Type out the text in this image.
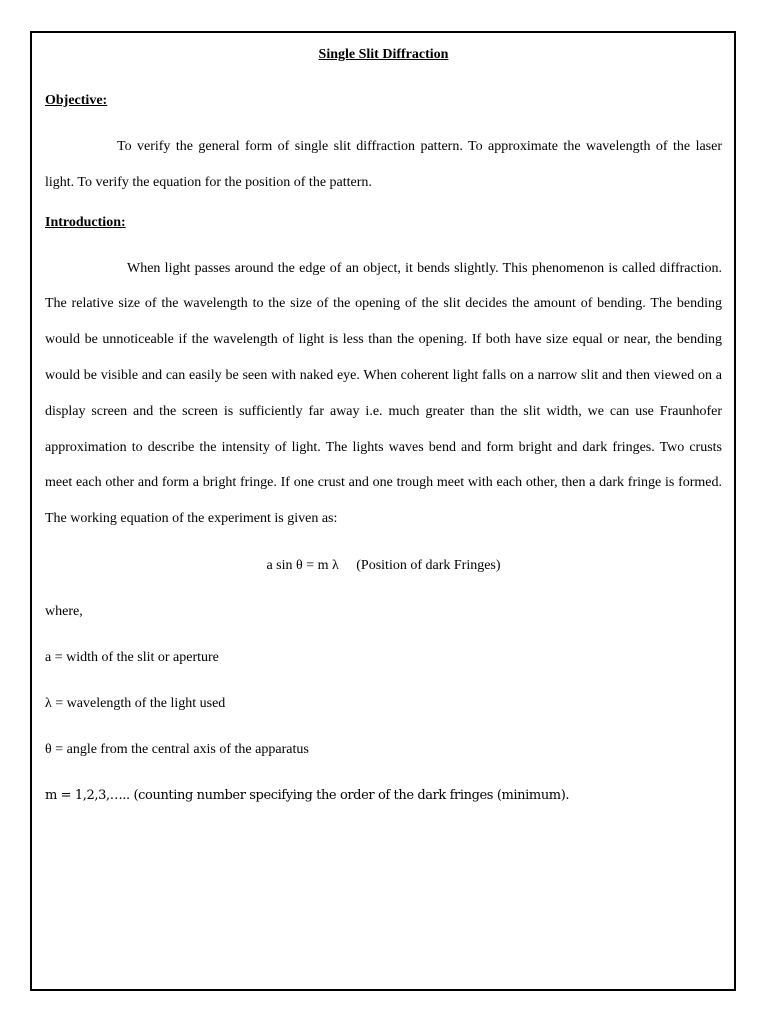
Single Slit Diffraction

Objective:

To verify the general form of single slit diffraction pattern. To approximate the wavelength of the laser light. To verify the equation for the position of the pattern.

Introduction:

When light passes around the edge of an object, it bends slightly. This phenomenon is called diffraction. The relative size of the wavelength to the size of the opening of the slit decides the amount of bending. The bending would be unnoticeable if the wavelength of light is less than the opening. If both have size equal or near, the bending would be visible and can easily be seen with naked eye. When coherent light falls on a narrow slit and then viewed on a display screen and the screen is sufficiently far away i.e. much greater than the slit width, we can use Fraunhofer approximation to describe the intensity of light. The lights waves bend and form bright and dark fringes. Two crusts meet each other and form a bright fringe. If one crust and one trough meet with each other, then a dark fringe is formed. The working equation of the experiment is given as:

a sin θ = m λ     (Position of dark Fringes)

where,

a = width of the slit or aperture

λ = wavelength of the light used

θ = angle from the central axis of the apparatus

m = 1,2,3,….. (counting number specifying the order of the dark fringes (minimum).
